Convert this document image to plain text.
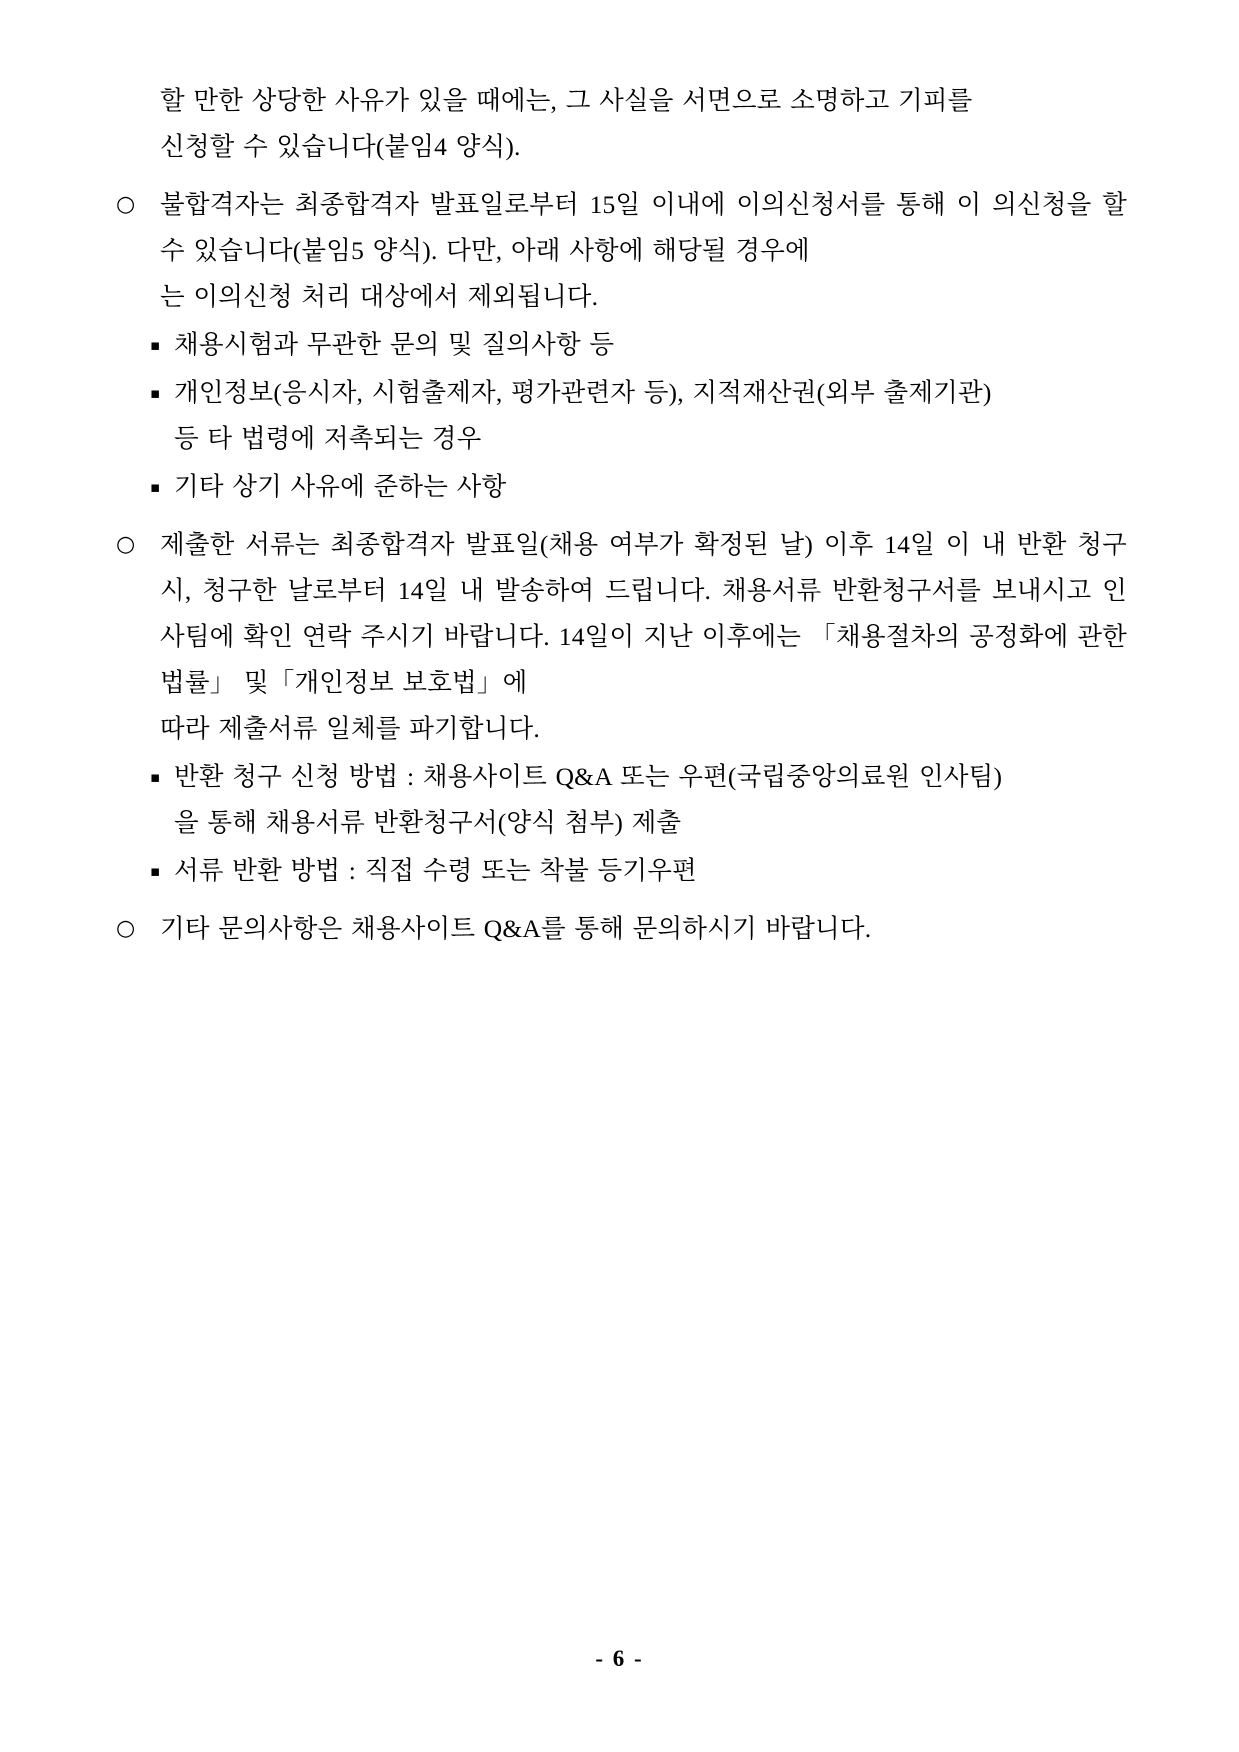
할 만한 상당한 사유가 있을 때에는, 그 사실을 서면으로 소명하고 기피를
신청할 수 있습니다(붙임4 양식).
○ 불합격자는 최종합격자 발표일로부터 15일 이내에 이의신청서를 통해 이 의신청을 할 수 있습니다(붙임5 양식). 다만, 아래 사항에 해당될 경우에
는 이의신청 처리 대상에서 제외됩니다.
▪ 채용시험과 무관한 문의 및 질의사항 등
▪ 개인정보(응시자, 시험출제자, 평가관련자 등), 지적재산권(외부 출제기관)
등 타 법령에 저촉되는 경우
▪ 기타 상기 사유에 준하는 사항
○ 제출한 서류는 최종합격자 발표일(채용 여부가 확정된 날) 이후 14일 이 내 반환 청구 시, 청구한 날로부터 14일 내 발송하여 드립니다. 채용서류 반환청구서를 보내시고 인사팀에 확인 연락 주시기 바랍니다. 14일이 지난 이후에는 「채용절차의 공정화에 관한 법률」 및「개인정보 보호법」에
따라 제출서류 일체를 파기합니다.
▪ 반환 청구 신청 방법 : 채용사이트 Q&A 또는 우편(국립중앙의료원 인사팀)
을 통해 채용서류 반환청구서(양식 첨부) 제출
▪ 서류 반환 방법 : 직접 수령 또는 착불 등기우편
○ 기타 문의사항은 채용사이트 Q&A를 통해 문의하시기 바랍니다.
- 6 -
